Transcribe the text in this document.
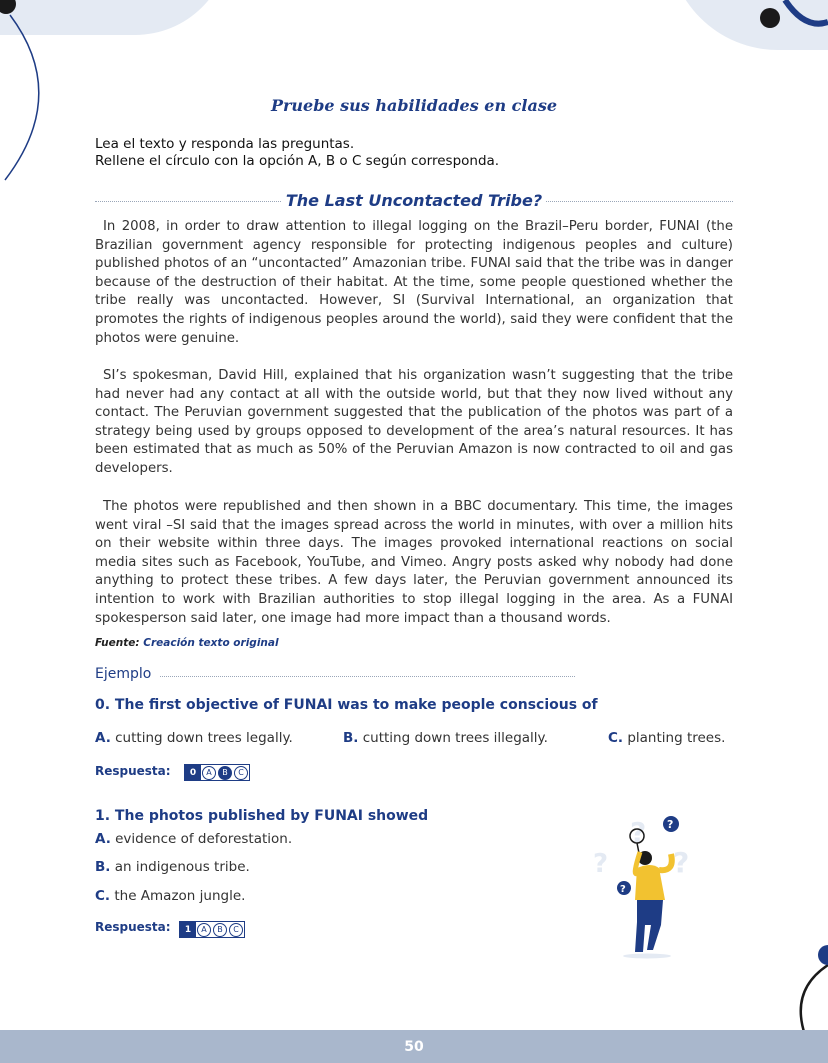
Pruebe sus habilidades en clase
Lea el texto y responda las preguntas.
Rellene el círculo con la opción A, B o C según corresponda.
The Last Uncontacted Tribe?

In 2008, in order to draw attention to illegal logging on the Brazil–Peru border, FUNAI (the Brazilian government agency responsible for protecting indigenous peoples and culture) published photos of an “uncontacted” Amazonian tribe. FUNAI said that the tribe was in danger because of the destruction of their habitat. At the time, some people questioned whether the tribe really was uncontacted. However, SI (Survival International, an organization that promotes the rights of indigenous peoples around the world), said they were confident that the photos were genuine.

SI’s spokesman, David Hill, explained that his organization wasn’t suggesting that the tribe had never had any contact at all with the outside world, but that they now lived without any contact. The Peruvian government suggested that the publication of the photos was part of a strategy being used by groups opposed to development of the area’s natural resources. It has been estimated that as much as 50% of the Peruvian Amazon is now contracted to oil and gas developers.

The photos were republished and then shown in a BBC documentary. This time, the images went viral –SI said that the images spread across the world in minutes, with over a million hits on their website within three days. The images provoked international reactions on social media sites such as Facebook, YouTube, and Vimeo. Angry posts asked why nobody had done anything to protect these tribes. A few days later, the Peruvian government announced its intention to work with Brazilian authorities to stop illegal logging in the area. As a FUNAI spokesperson said later, one image had more impact than a thousand words.

Fuente: Creación texto original
Ejemplo
0. The first objective of FUNAI was to make people conscious of
A. cutting down trees legally.	B. cutting down trees illegally.	C. planting trees.
Respuesta:	0	A	B	C
1. The photos published by FUNAI showed
A. evidence of deforestation.
B. an indigenous tribe.
C. the Amazon jungle.
Respuesta:	1	A	B	C
?
? ?
?
?
50
